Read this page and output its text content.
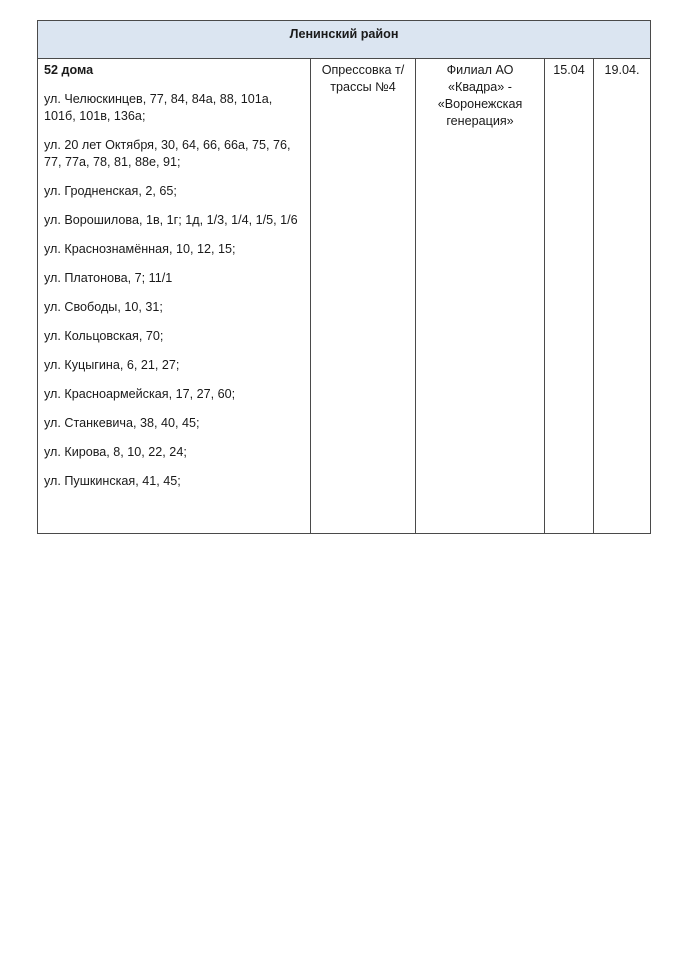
Ленинский район

52 дома
ул. Челюскинцев, 77, 84, 84а, 88, 101а, 101б, 101в, 136а;
ул. 20 лет Октября, 30, 64, 66, 66а, 75, 76, 77, 77а, 78, 81, 88е, 91;
ул. Гродненская, 2, 65;
ул. Ворошилова, 1в, 1г; 1д, 1/3, 1/4, 1/5, 1/6
ул. Краснознамённая, 10, 12, 15;
ул. Платонова, 7; 11/1
ул. Свободы, 10, 31;
ул. Кольцовская, 70;
ул. Куцыгина, 6, 21, 27;
ул. Красноармейская, 17, 27, 60;
ул. Станкевича, 38, 40, 45;
ул. Кирова, 8, 10, 22, 24;
ул. Пушкинская, 41, 45;
	Опрессовка т/трассы №4	Филиал АО «Квадра» - «Воронежская генерация»	15.04	19.04.
